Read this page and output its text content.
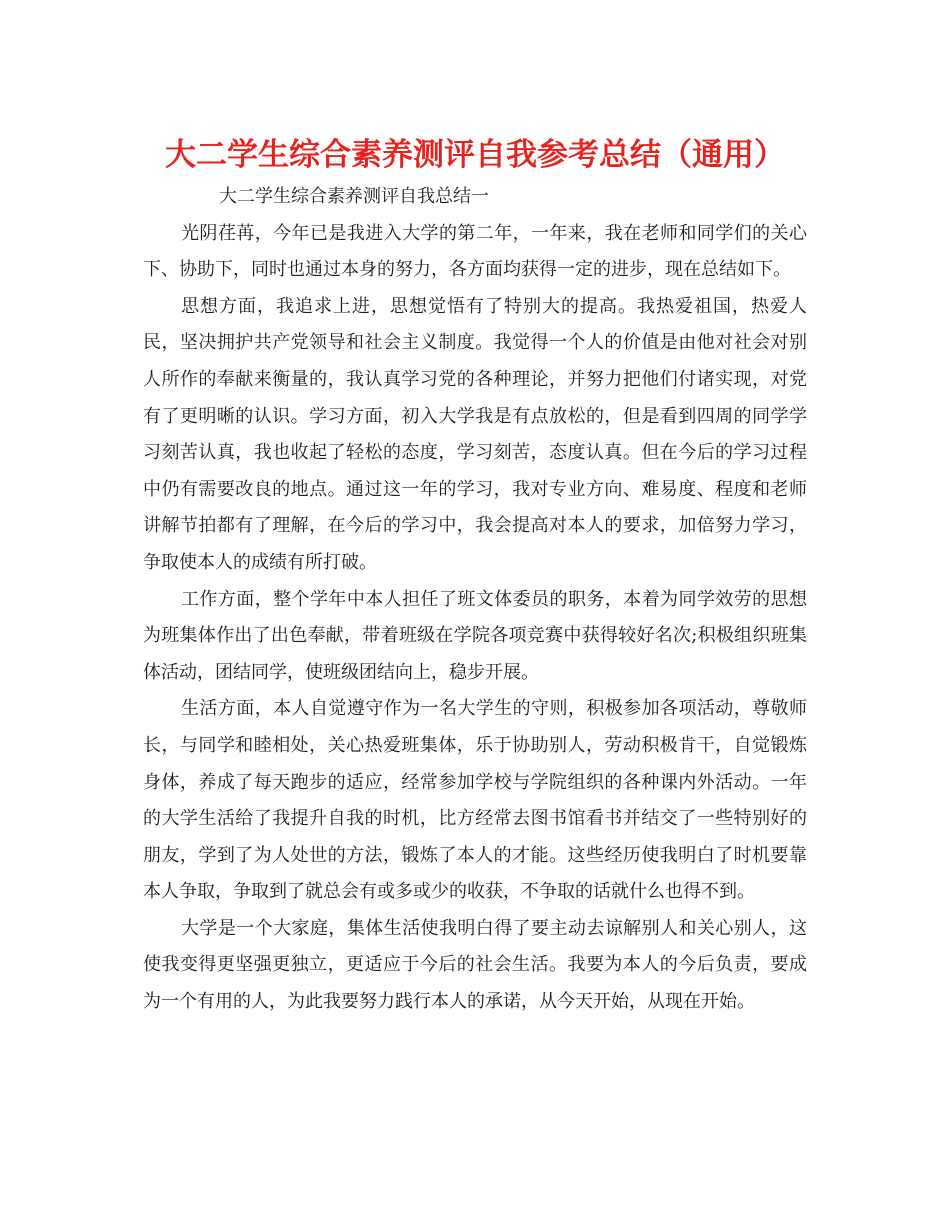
大二学生综合素养测评自我参考总结（通用）

大二学生综合素养测评自我总结一

光阴荏苒，今年已是我进入大学的第二年，一年来，我在老师和同学们的关心下、协助下，同时也通过本身的努力，各方面均获得一定的进步，现在总结如下。

思想方面，我追求上进，思想觉悟有了特别大的提高。我热爱祖国，热爱人民，坚决拥护共产党领导和社会主义制度。我觉得一个人的价值是由他对社会对别人所作的奉献来衡量的，我认真学习党的各种理论，并努力把他们付诸实现，对党有了更明晰的认识。学习方面，初入大学我是有点放松的，但是看到四周的同学学习刻苦认真，我也收起了轻松的态度，学习刻苦，态度认真。但在今后的学习过程中仍有需要改良的地点。通过这一年的学习，我对专业方向、难易度、程度和老师讲解节拍都有了理解，在今后的学习中，我会提高对本人的要求，加倍努力学习，争取使本人的成绩有所打破。

工作方面，整个学年中本人担任了班文体委员的职务，本着为同学效劳的思想为班集体作出了出色奉献，带着班级在学院各项竞赛中获得较好名次;积极组织班集体活动，团结同学，使班级团结向上，稳步开展。

生活方面，本人自觉遵守作为一名大学生的守则，积极参加各项活动，尊敬师长，与同学和睦相处，关心热爱班集体，乐于协助别人，劳动积极肯干，自觉锻炼身体，养成了每天跑步的适应，经常参加学校与学院组织的各种课内外活动。一年的大学生活给了我提升自我的时机，比方经常去图书馆看书并结交了一些特别好的朋友，学到了为人处世的方法，锻炼了本人的才能。这些经历使我明白了时机要靠本人争取，争取到了就总会有或多或少的收获，不争取的话就什么也得不到。

大学是一个大家庭，集体生活使我明白得了要主动去谅解别人和关心别人，这使我变得更坚强更独立，更适应于今后的社会生活。我要为本人的今后负责，要成为一个有用的人，为此我要努力践行本人的承诺，从今天开始，从现在开始。
